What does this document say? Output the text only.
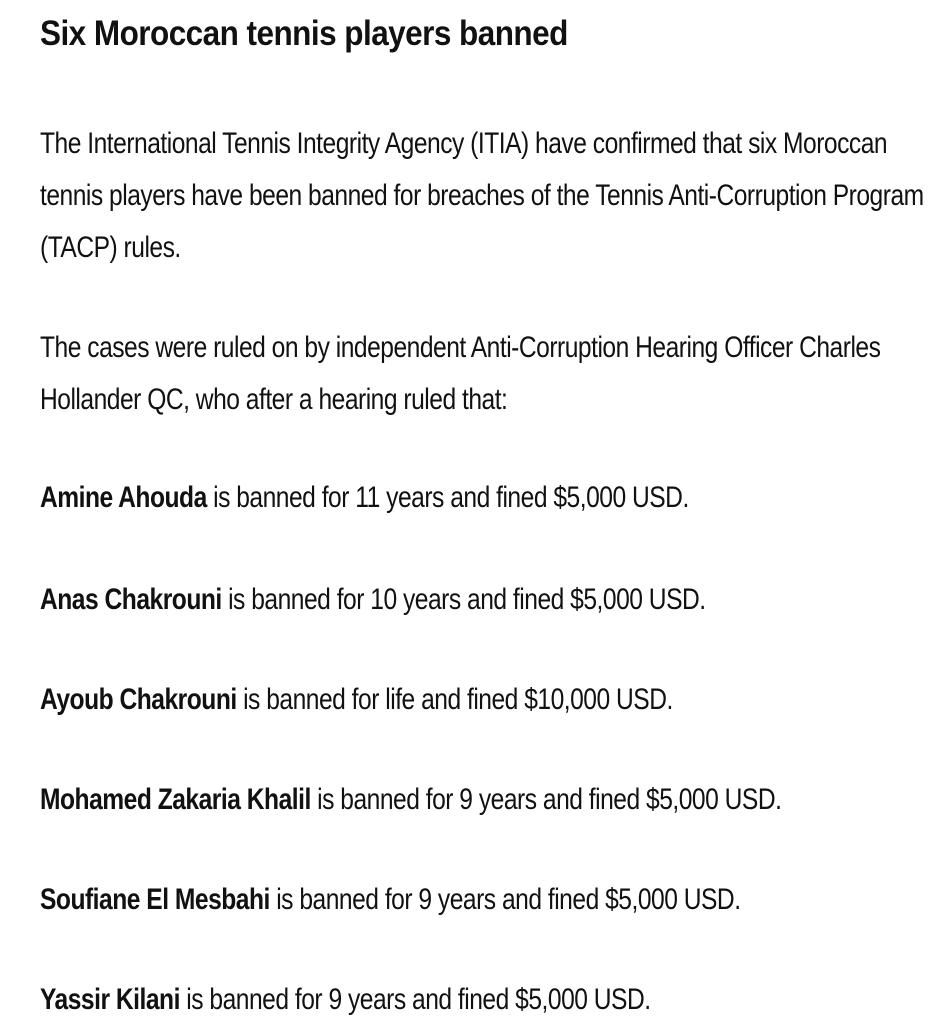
Six Moroccan tennis players banned

The International Tennis Integrity Agency (ITIA) have confirmed that six Moroccan tennis players have been banned for breaches of the Tennis Anti-Corruption Program (TACP) rules.

The cases were ruled on by independent Anti-Corruption Hearing Officer Charles Hollander QC, who after a hearing ruled that:

Amine Ahouda is banned for 11 years and fined $5,000 USD.

Anas Chakrouni is banned for 10 years and fined $5,000 USD.

Ayoub Chakrouni is banned for life and fined $10,000 USD.

Mohamed Zakaria Khalil is banned for 9 years and fined $5,000 USD.

Soufiane El Mesbahi is banned for 9 years and fined $5,000 USD.

Yassir Kilani is banned for 9 years and fined $5,000 USD.
